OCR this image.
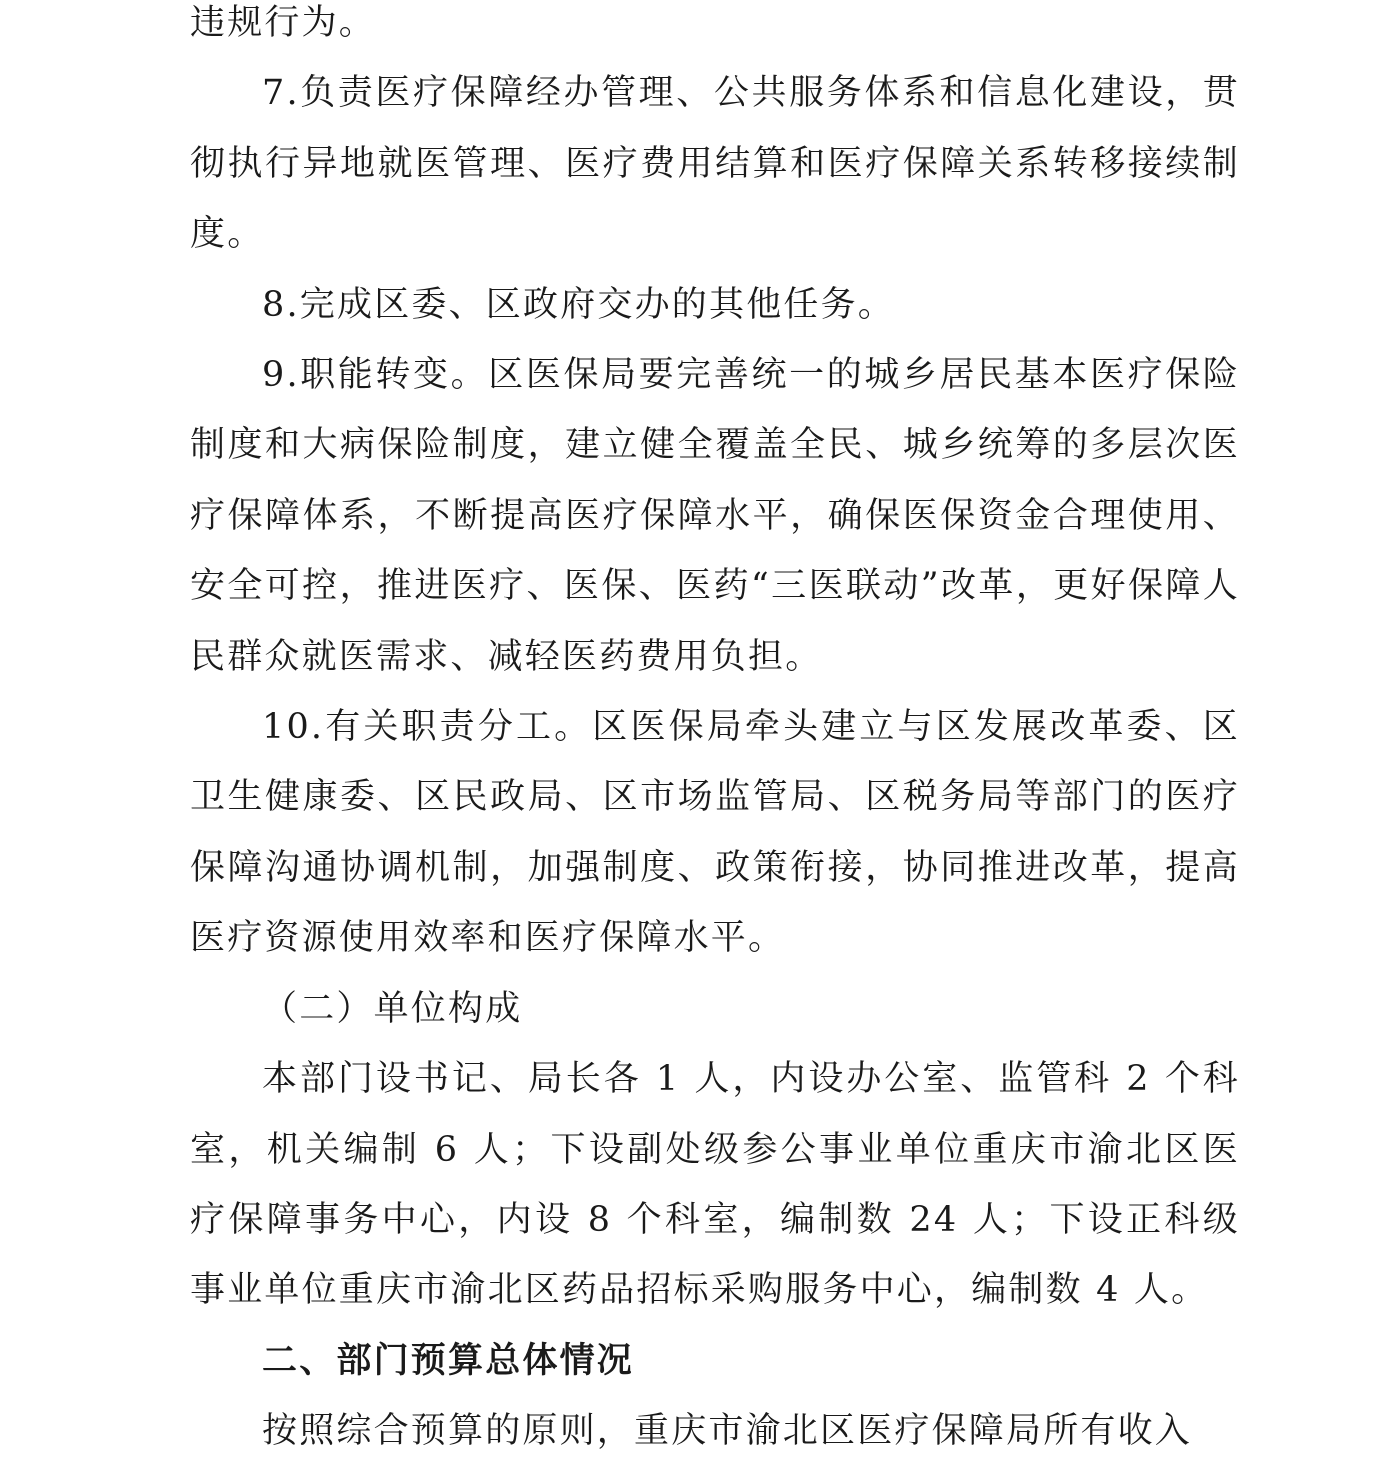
违规行为。

7.负责医疗保障经办管理、公共服务体系和信息化建设，贯彻执行异地就医管理、医疗费用结算和医疗保障关系转移接续制度。

8.完成区委、区政府交办的其他任务。

9.职能转变。区医保局要完善统一的城乡居民基本医疗保险制度和大病保险制度，建立健全覆盖全民、城乡统筹的多层次医疗保障体系，不断提高医疗保障水平，确保医保资金合理使用、安全可控，推进医疗、医保、医药“三医联动”改革，更好保障人民群众就医需求、减轻医药费用负担。

10.有关职责分工。区医保局牵头建立与区发展改革委、区卫生健康委、区民政局、区市场监管局、区税务局等部门的医疗保障沟通协调机制，加强制度、政策衔接，协同推进改革，提高医疗资源使用效率和医疗保障水平。

（二）单位构成

本部门设书记、局长各 1 人，内设办公室、监管科 2 个科室，机关编制 6 人；下设副处级参公事业单位重庆市渝北区医疗保障事务中心，内设 8 个科室，编制数 24 人；下设正科级事业单位重庆市渝北区药品招标采购服务中心，编制数 4 人。

二、部门预算总体情况

按照综合预算的原则，重庆市渝北区医疗保障局所有收入
